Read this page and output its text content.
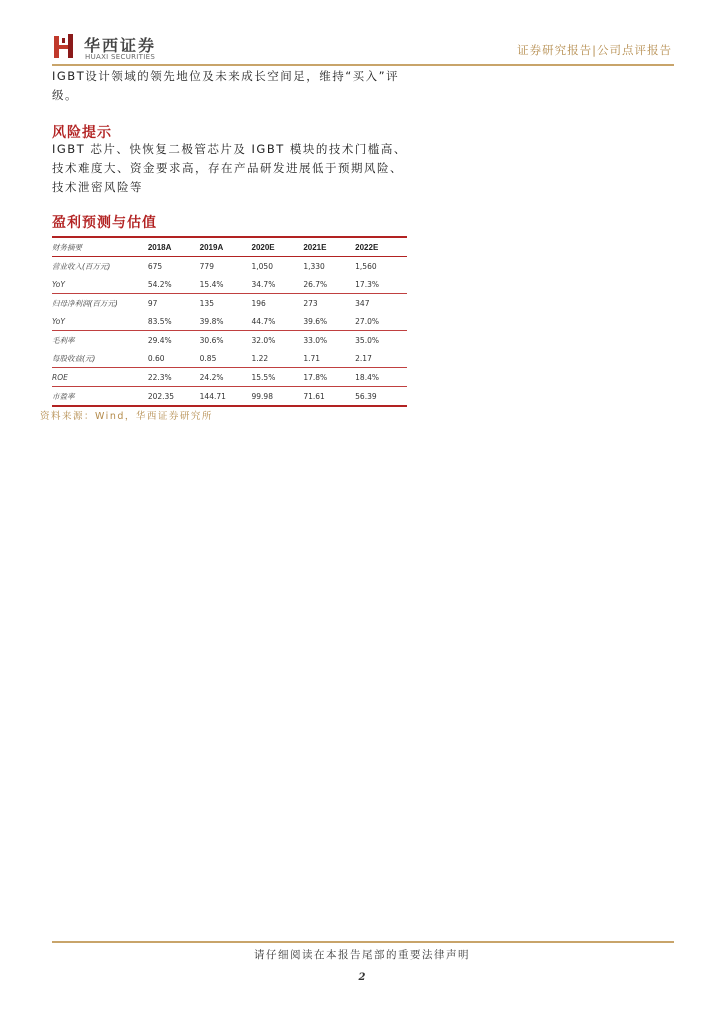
华西证券
HUAXI SECURITIES	证券研究报告|公司点评报告
IGBT设计领域的领先地位及未来成长空间足，维持“买入”评级。
风险提示
IGBT 芯片、快恢复二极管芯片及 IGBT 模块的技术门槛高、技术难度大、资金要求高，存在产品研发进展低于预期风险、技术泄密风险等
盈利预测与估值
财务摘要	2018A	2019A	2020E	2021E	2022E
营业收入(百万元)	675	779	1,050	1,330	1,560
YoY	54.2%	15.4%	34.7%	26.7%	17.3%
归母净利润(百万元)	97	135	196	273	347
YoY	83.5%	39.8%	44.7%	39.6%	27.0%
毛利率	29.4%	30.6%	32.0%	33.0%	35.0%
每股收益(元)	0.60	0.85	1.22	1.71	2.17
ROE	22.3%	24.2%	15.5%	17.8%	18.4%
市盈率	202.35	144.71	99.98	71.61	56.39
资料来源：Wind，华西证券研究所
请仔细阅读在本报告尾部的重要法律声明
2
